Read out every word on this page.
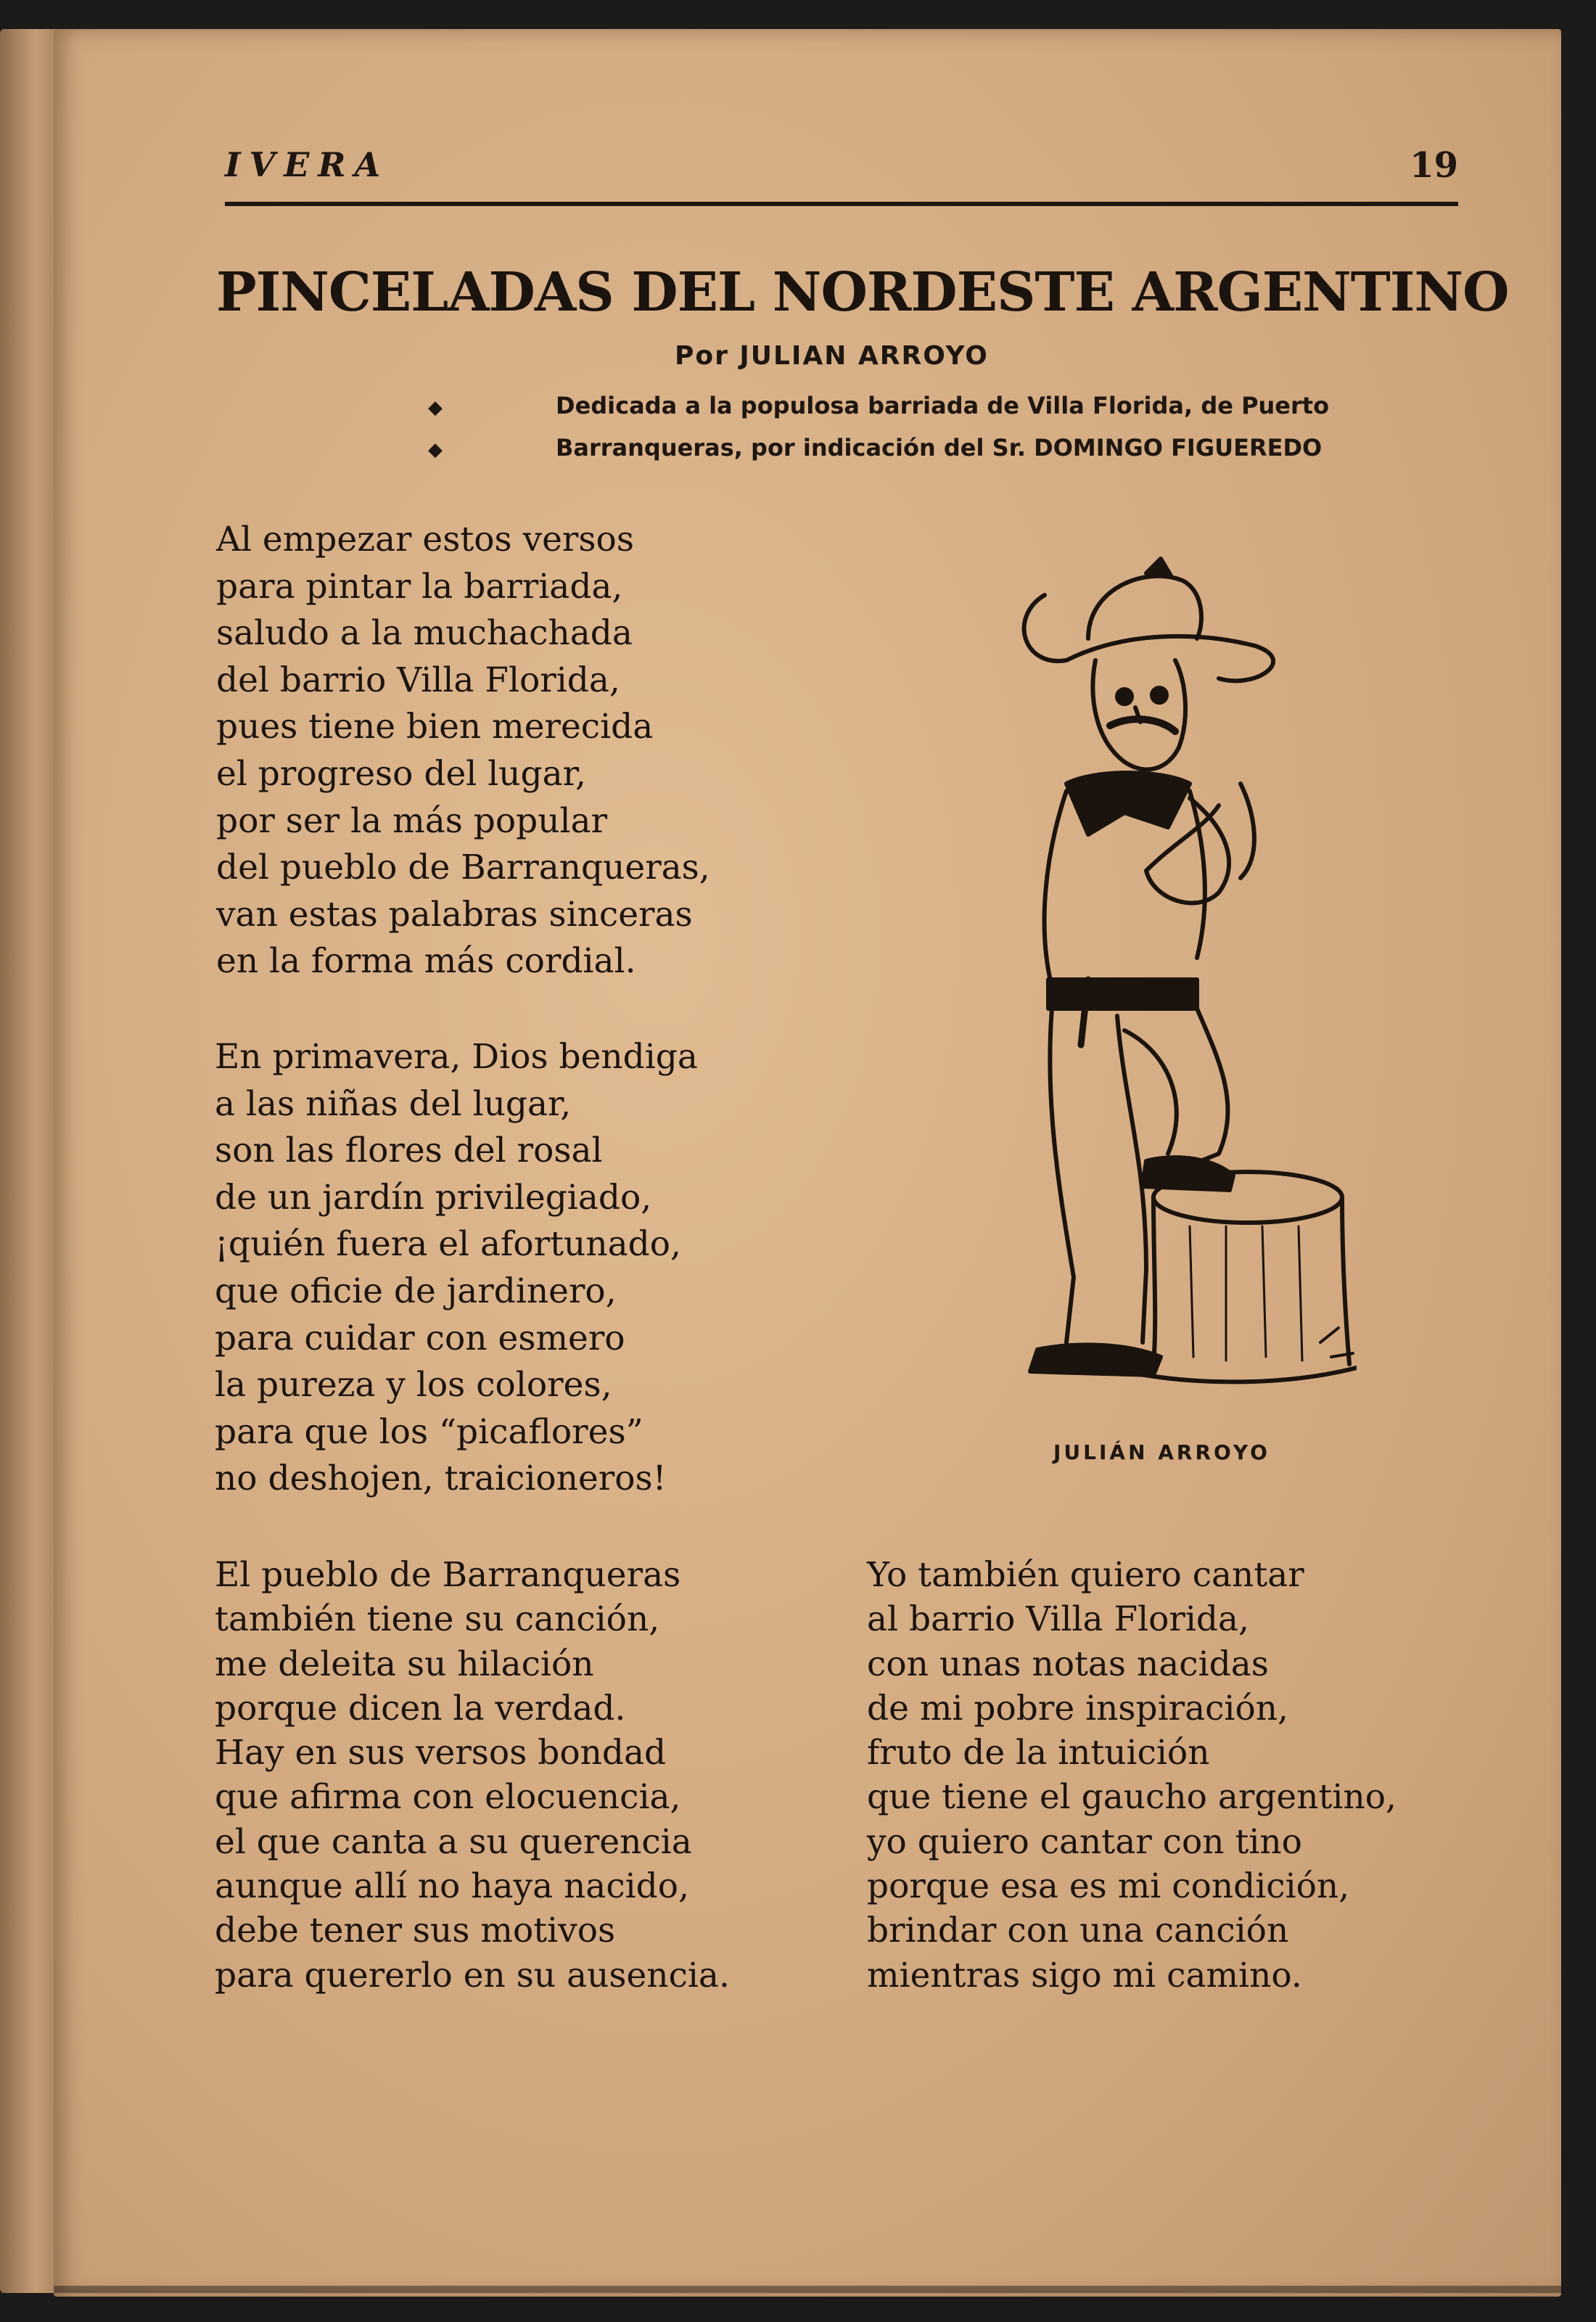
IVERA	19
PINCELADAS DEL NORDESTE ARGENTINO
Por JULIAN ARROYO
◆	Dedicada a la populosa barriada de Villa Florida, de Puerto
◆	Barranqueras, por indicación del Sr. DOMINGO FIGUEREDO
Al empezar estos versos
para pintar la barriada,
saludo a la muchachada
del barrio Villa Florida,
pues tiene bien merecida
el progreso del lugar,
por ser la más popular
del pueblo de Barranqueras,
van estas palabras sinceras
en la forma más cordial.
En primavera, Dios bendiga
a las niñas del lugar,
son las flores del rosal
de un jardín privilegiado,
¡quién fuera el afortunado,
que oficie de jardinero,
para cuidar con esmero
la pureza y los colores,
para que los “picaflores”
no deshojen, traicioneros!
El pueblo de Barranqueras
también tiene su canción,
me deleita su hilación
porque dicen la verdad.
Hay en sus versos bondad
que afirma con elocuencia,
el que canta a su querencia
aunque allí no haya nacido,
debe tener sus motivos
para quererlo en su ausencia.
Yo también quiero cantar
al barrio Villa Florida,
con unas notas nacidas
de mi pobre inspiración,
fruto de la intuición
que tiene el gaucho argentino,
yo quiero cantar con tino
porque esa es mi condición,
brindar con una canción
mientras sigo mi camino.
JULIÁN ARROYO
